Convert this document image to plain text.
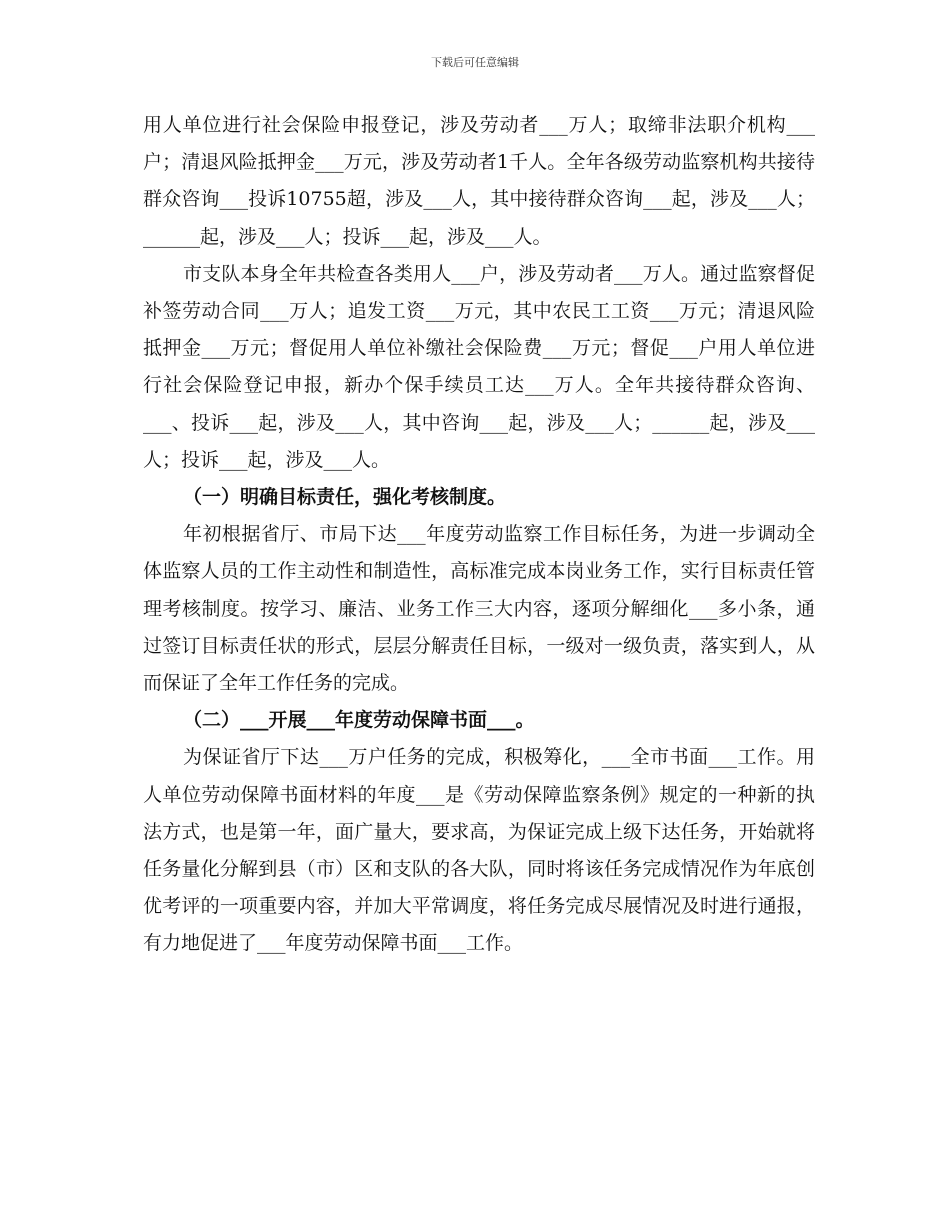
下载后可任意编辑

用人单位进行社会保险申报登记，涉及劳动者___万人；取缔非法职介机构___户；清退风险抵押金___万元，涉及劳动者1千人。全年各级劳动监察机构共接待群众咨询___投诉10755超，涉及___人，其中接待群众咨询___起，涉及___人；______起，涉及___人；投诉___起，涉及___人。

市支队本身全年共检查各类用人___户，涉及劳动者___万人。通过监察督促补签劳动合同___万人；追发工资___万元，其中农民工工资___万元；清退风险抵押金___万元；督促用人单位补缴社会保险费___万元；督促___户用人单位进行社会保险登记申报，新办个保手续员工达___万人。全年共接待群众咨询、___、投诉___起，涉及___人，其中咨询___起，涉及___人；______起，涉及___人；投诉___起，涉及___人。

（一）明确目标责任，强化考核制度。

年初根据省厅、市局下达___年度劳动监察工作目标任务，为进一步调动全体监察人员的工作主动性和制造性，高标准完成本岗业务工作，实行目标责任管理考核制度。按学习、廉洁、业务工作三大内容，逐项分解细化___多小条，通过签订目标责任状的形式，层层分解责任目标，一级对一级负责，落实到人，从而保证了全年工作任务的完成。

（二）___开展___年度劳动保障书面___。

为保证省厅下达___万户任务的完成，积极筹化，___全市书面___工作。用人单位劳动保障书面材料的年度___是《劳动保障监察条例》规定的一种新的执法方式，也是第一年，面广量大，要求高，为保证完成上级下达任务，开始就将任务量化分解到县（市）区和支队的各大队，同时将该任务完成情况作为年底创优考评的一项重要内容，并加大平常调度，将任务完成尽展情况及时进行通报，有力地促进了___年度劳动保障书面___工作。
